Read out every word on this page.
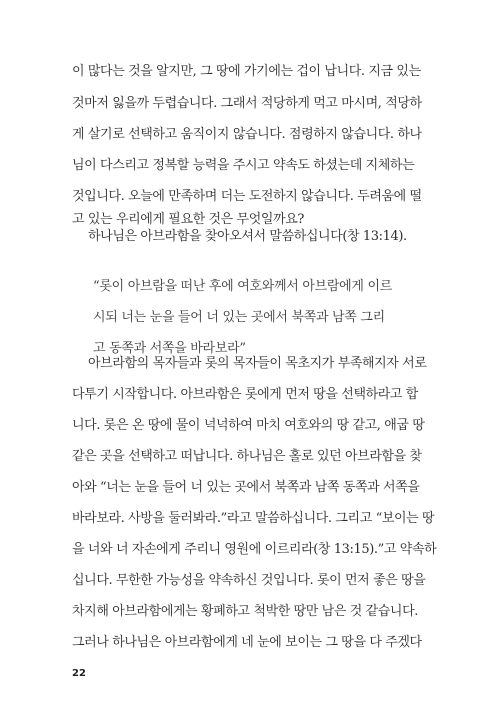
이 많다는 것을 알지만, 그 땅에 가기에는 겁이 납니다. 지금 있는
것마저 잃을까 두렵습니다. 그래서 적당하게 먹고 마시며, 적당하
게 살기로 선택하고 움직이지 않습니다. 점령하지 않습니다. 하나
님이 다스리고 정복할 능력을 주시고 약속도 하셨는데 지체하는
것입니다. 오늘에 만족하며 더는 도전하지 않습니다. 두려움에 떨
고 있는 우리에게 필요한 것은 무엇일까요?
하나님은 아브라함을 찾아오셔서 말씀하십니다(창 13:14).
“롯이 아브람을 떠난 후에 여호와께서 아브람에게 이르
시되 너는 눈을 들어 너 있는 곳에서 북쪽과 남쪽 그리
고 동쪽과 서쪽을 바라보라”
아브라함의 목자들과 롯의 목자들이 목초지가 부족해지자 서로
다투기 시작합니다. 아브라함은 롯에게 먼저 땅을 선택하라고 합
니다. 롯은 온 땅에 물이 넉넉하여 마치 여호와의 땅 같고, 애굽 땅
같은 곳을 선택하고 떠납니다. 하나님은 홀로 있던 아브라함을 찾
아와 “너는 눈을 들어 너 있는 곳에서 북쪽과 남쪽 동쪽과 서쪽을
바라보라. 사방을 둘러봐라.”라고 말씀하십니다. 그리고 “보이는 땅
을 너와 너 자손에게 주리니 영원에 이르리라(창 13:15).”고 약속하
십니다. 무한한 가능성을 약속하신 것입니다. 롯이 먼저 좋은 땅을
차지해 아브라함에게는 황폐하고 척박한 땅만 남은 것 같습니다.
그러나 하나님은 아브라함에게 네 눈에 보이는 그 땅을 다 주겠다
22
